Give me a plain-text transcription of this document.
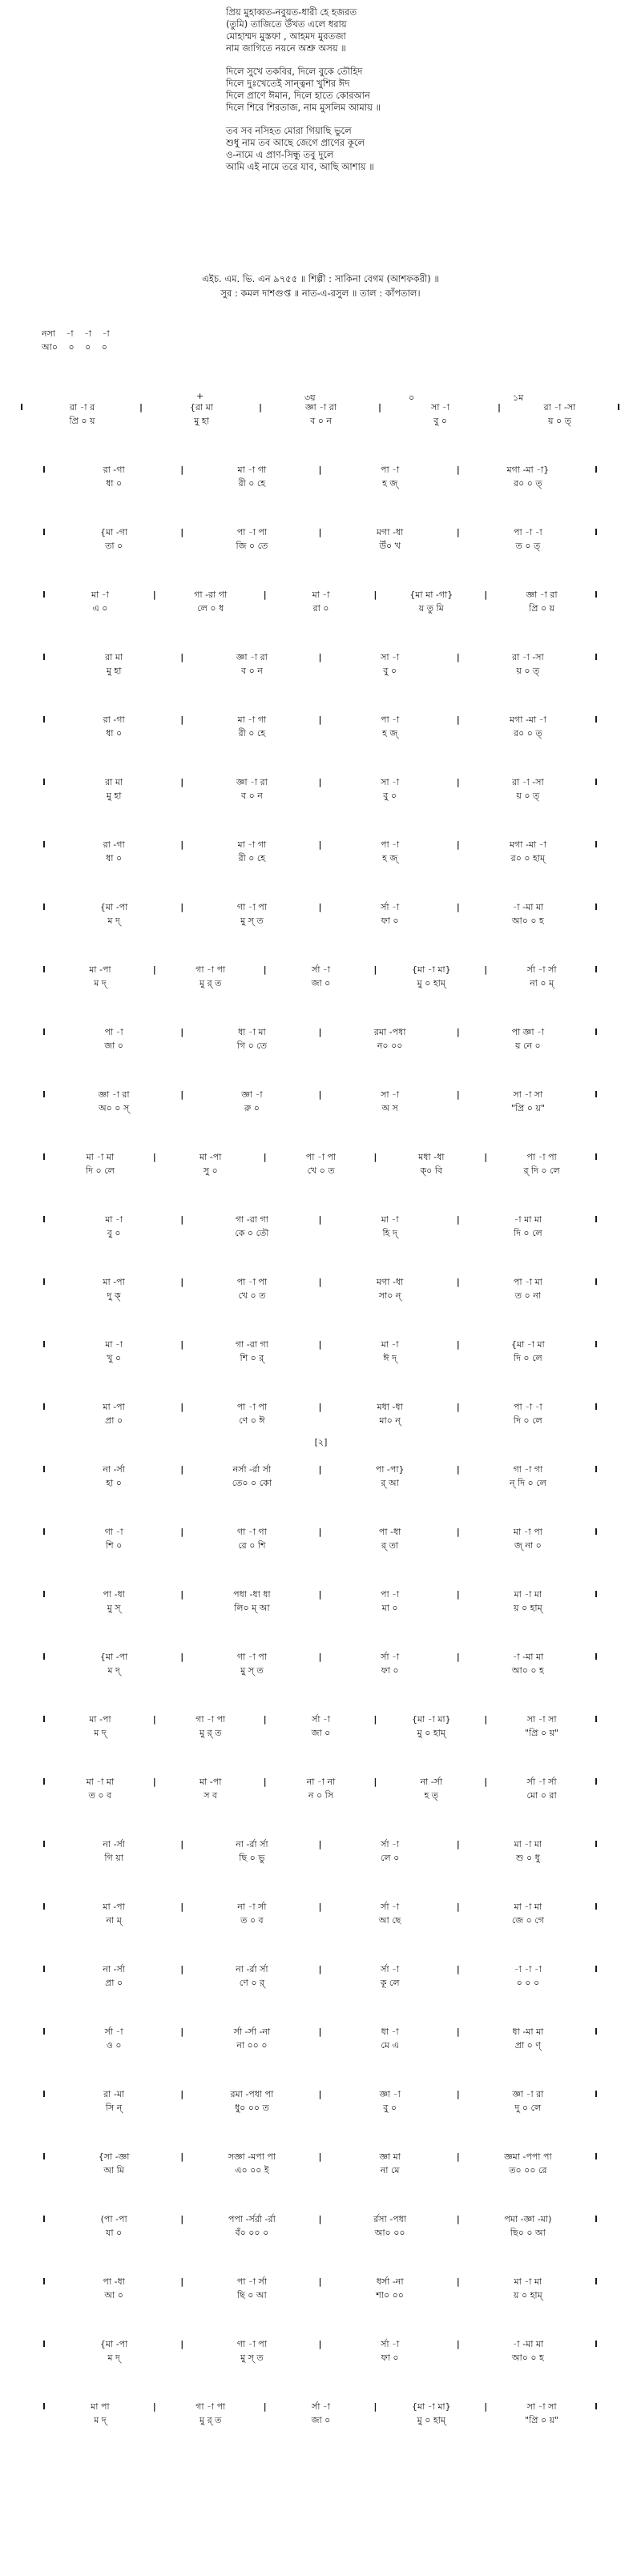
প্রিয় মুহাব্বত-নবুয়ত-ধারী হে হজরত
(তুমি) তাজিতে উঁখত এলে ধরায়
মোহাম্মদ মুস্তফা , আহমদ মুরতজা
নাম জাগিতে নয়নে অশ্রু অসয় ॥
দিলে সুখে তকবির, দিলে বুকে তৌহিদ
দিলে দুঃখেতেই সান্ত্বনা খুশির ঈদ
দিলে প্রাণে ঈমান, দিলে হাতে কোরআন
দিলে শিরে শিরতাজ, নাম মুসলিম আমায় ॥
তব সব নসিহত মোরা গিয়াছি ভুলে
শুধু নাম তব আছে জেগে প্রাণের কূলে
ও-নামে এ প্রাণ-সিন্ধু তবু দুলে
আমি এই নামে তরে যাব, আছি আশায় ॥
এইচ. এম. ভি. এন ৯৭৫৫ ॥ শিল্পী : সাকিনা বেগম (আশফকরী) ॥
সুর : কমল দাশগুপ্ত ॥ নাত-এ-রসুল ॥ তাল : কাঁপতাল।
নসা -া -া -া
আ০ ০ ০ ০
+	৩য়	০	১ম
I	|	|	|	|	I
রা -া র	{রা মা	জ্ঞা -া রা	সা -া	রা -া -সা
প্রি ০ য়	মু হা	ব ০ ন	বু ০	য় ০ ত্
I	|	|	|	I
রা -গা	মা -া গা	পা -া	মগা -মা -া}
ধা ০	রী ০ হে	হ জ্	র০ ০ ত্
I	|	|	|	I
{মা -গা	পা -া পা	মগা -ধা	পা -া -া
তা ০	জি ০ তে	উঁ০ খ	ত ০ ত্
I	|	|	|	|	I
মা -া	গা -রা গা	মা -া	{মা মা -গা}	জ্ঞা -া রা
এ ০	লে ০ ধ	রা ০	য় তু মি	প্রি ০ য়
I	|	|	|	I
রা মা	জ্ঞা -া রা	সা -া	রা -া -সা
মু হা	ব ০ ন	বু ০	য় ০ ত্
I	|	|	|	I
রা -গা	মা -া গা	পা -া	মগা -মা -া
ধা ০	রী ০ হে	হ জ্	র০ ০ ত্
I	|	|	|	I
রা মা	জ্ঞা -া রা	সা -া	রা -া -সা
মু হা	ব ০ ন	বু ০	য় ০ ত্
I	|	|	|	I
রা -গা	মা -া গা	পা -া	মগা -মা -া
ধা ০	রী ০ হে	হ জ্	র০ ০ হাম্
I	|	|	|	I
{মা -পা	গা -া পা	র্সা -া	-া -মা মা
ম দ্	মু স্ ত	ফা ০	আ০ ০ হ
I	|	|	|	|	I
মা -পা	গা -া পা	র্সা -া	{মা -া মা}	র্সা -া র্সা
ম দ্	মু র্ ত	জা ০	মু ০ হাম্	না ০ ম্
I	|	|	|	I
পা -া	ধা -া মা	রমা -পধা	পা জ্ঞা -া
জা ০	গি ০ তে	ন০ ০০	য় নে ০
I	|	|	|	I
জ্ঞা -া রা	জ্ঞা -া	সা -া	সা -া সা
অ০ ০ স্	রু ০	অ স	"প্রি ০ য়"
I	|	|	|	|	I
মা -া মা	মা -পা	পা -া পা	মধা -ধা	পা -া পা
দি ০ লে	সু ০	খে ০ ত	ক্০ বি	র্ দি ০ লে
I	|	|	|	I
মা -া	গা -রা গা	মা -া	-া মা মা
বু ০	কে ০ তৌ	হি দ্	দি ০ লে
I	|	|	|	I
মা -পা	পা -া পা	মগা -ধা	পা -া মা
দু ক্	খে ০ ত	সা০ ন্	ত ০ না
I	|	|	|	I
মা -া	গা -রা গা	মা -া	{মা -া মা
খু ০	শি ০ র্	ঈ দ্	দি ০ লে
I	|	|	|	I
মা -পা	পা -া পা	মধা -ধা	পা -া -া
প্রা ০	ণে ০ ঈ	মা০ ন্	দি ০ লে
[২]
I	|	|	|	I
না -র্সা	নর্সা -র্রা র্সা	পা -পা}	গা -া গা
হা ০	তে০ ০ কো	র্ আ	ন্ দি ০ লে
I	|	|	|	I
গা -া	গা -া গা	পা -ধা	মা -া পা
শি ০	রে ০ শি	র্ তা	জ্ না ০
I	|	|	|	I
পা -ধা	পধা -ধা ধা	পা -া	মা -া মা
মু স্	লি০ ম্ আ	মা ০	য় ০ হাম্
I	|	|	|	I
{মা -পা	গা -া পা	র্সা -া	-া -মা মা
ম দ্	মু স্ ত	ফা ০	আ০ ০ হ
I	|	|	|	|	I
মা -পা	গা -া পা	র্সা -া	{মা -া মা}	সা -া সা
ম দ্	মু র্ ত	জা ০	মু ০ হাম্	"প্রি ০ য়"
I	|	|	|	|	I
মা -া মা	মা -পা	না -া না	না -র্সা	র্সা -া র্সা
ত ০ ব	স ব	ন ০ সি	হ ত্	মো ০ রা
I	|	|	|	I
না -র্সা	না -র্রা র্সা	র্সা -া	মা -া মা
গি য়া	ছি ০ ভু	লে ০	শু ০ ধু
I	|	|	|	I
মা -পা	না -া র্সা	র্সা -া	মা -া মা
না ম্	ত ০ ব	আ ছে	জে ০ গে
I	|	|	|	I
না -র্সা	না -র্রা র্সা	র্সা -া	-া -া -া
প্রা ০	ণে ০ র্	কূ লে	০ ০ ০
I	|	|	|	I
র্সা -া	র্সা -র্সা -না	ধা -া	ধা -মা মা
ও ০	না ০০ ০	মে এ	প্রা ০ ণ্
I	|	|	|	I
রা -মা	রমা -পধা পা	জ্ঞা -া	জ্ঞা -া রা
সি ন্	ধু০ ০০ ত	বু ০	দু ০ লে
I	|	|	|	I
{সা -জ্ঞা	সজ্ঞা -মপা পা	জ্ঞা মা	জ্ঞমা -পপা পা
আ মি	এ০ ০০ ই	না মে	ত০ ০০ রে
I	|	|	|	I
(পা -পা	পপা -র্সর্রা -র্রা	র্রসা -পধা	পমা -জ্ঞা -মা)
যা ০	বঁ০ ০০ ০	আ০ ০০	ছি০ ০ আ
I	|	|	|	I
পা -ধা	পা -া র্সা	ধর্সা -না	মা -া মা
আ ০	ছি ০ আ	শা০ ০০	য় ০ হাম্
I	|	|	|	I
{মা -পা	গা -া পা	র্সা -া	-া -মা মা
ম দ্	মু স্ ত	ফা ০	আ০ ০ হ
I	|	|	|	|	I
মা পা	গা -া পা	র্সা -া	{মা -া মা}	সা -া সা
ম দ্	মু র্ ত	জা ০	মু ০ হাম্	"প্রি ০ য়"
